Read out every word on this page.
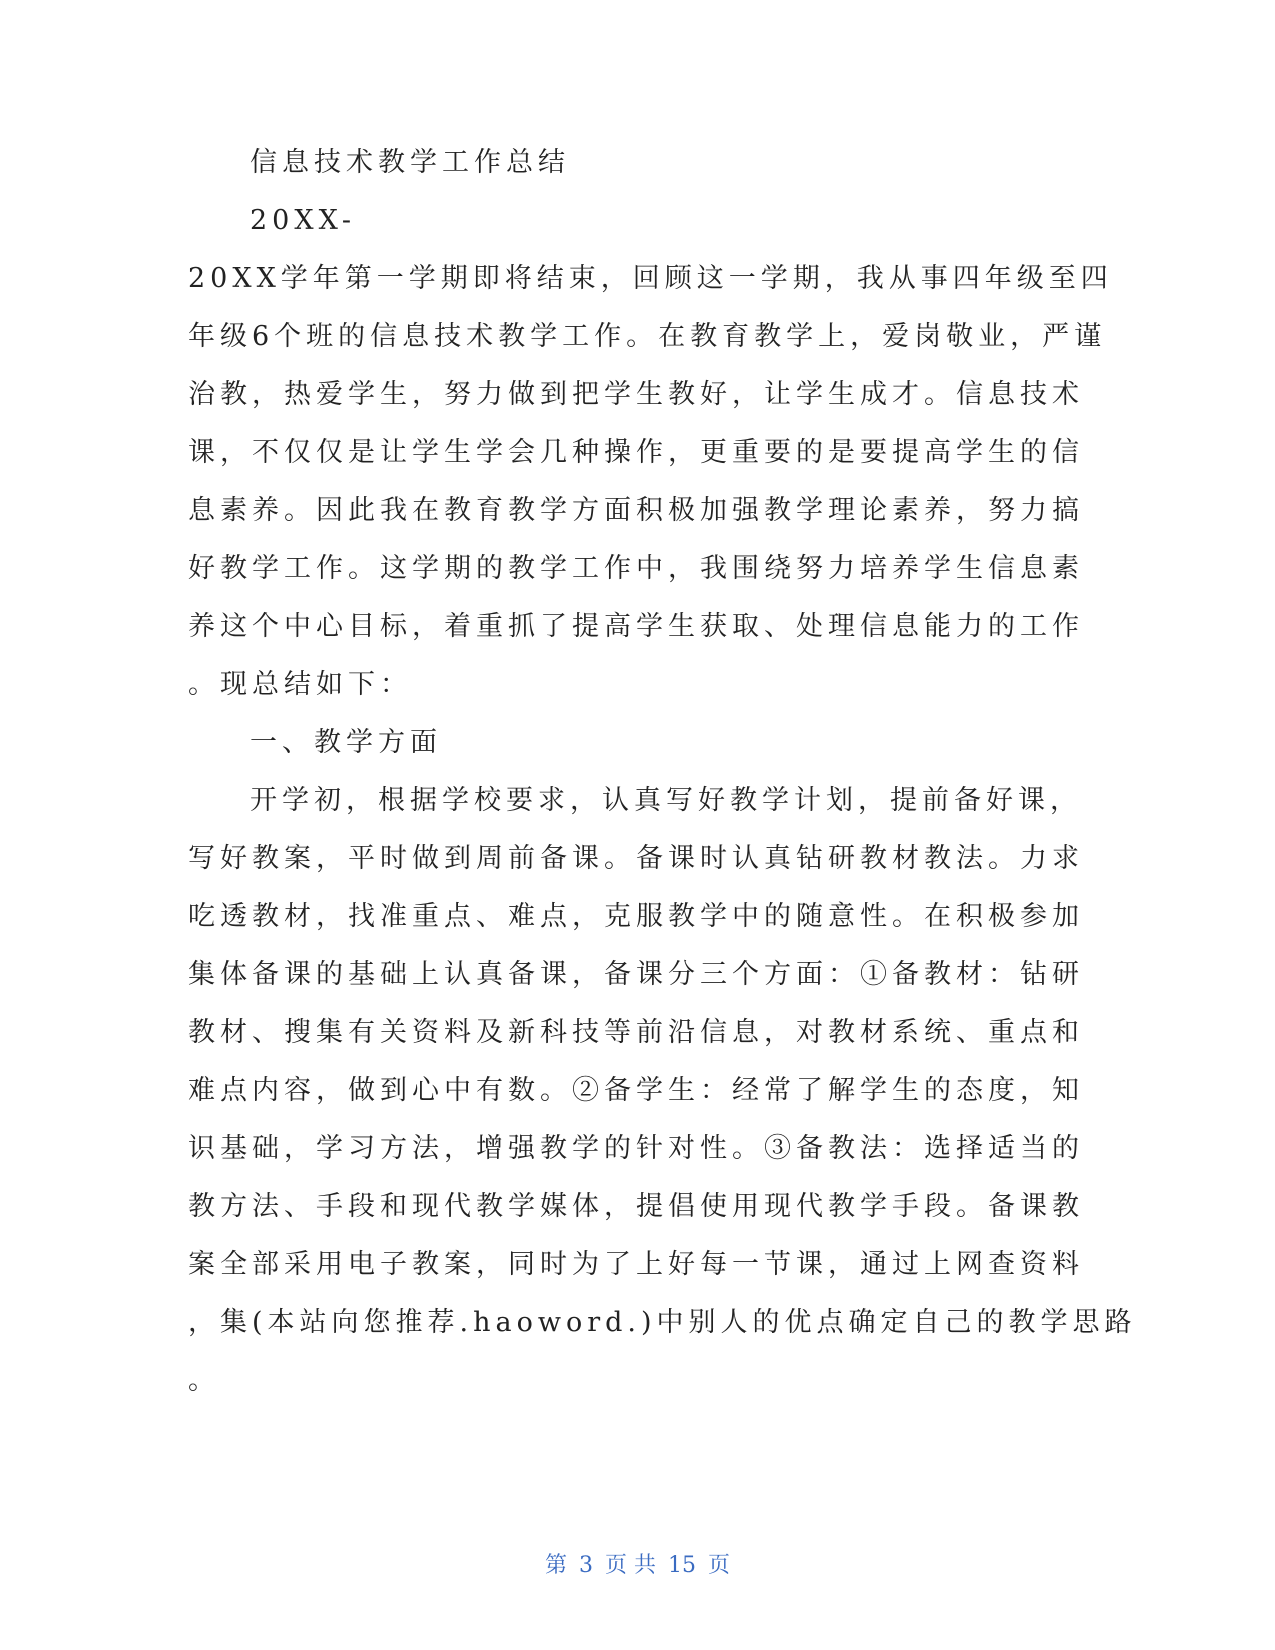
信息技术教学工作总结
20XX-
20XX学年第一学期即将结束，回顾这一学期，我从事四年级至四
年级6个班的信息技术教学工作。在教育教学上，爱岗敬业，严谨
治教，热爱学生，努力做到把学生教好，让学生成才。信息技术
课，不仅仅是让学生学会几种操作，更重要的是要提高学生的信
息素养。因此我在教育教学方面积极加强教学理论素养，努力搞
好教学工作。这学期的教学工作中，我围绕努力培养学生信息素
养这个中心目标，着重抓了提高学生获取、处理信息能力的工作
。现总结如下：
一、教学方面
开学初，根据学校要求，认真写好教学计划，提前备好课，
写好教案，平时做到周前备课。备课时认真钻研教材教法。力求
吃透教材，找准重点、难点，克服教学中的随意性。在积极参加
集体备课的基础上认真备课，备课分三个方面：①备教材：钻研
教材、搜集有关资料及新科技等前沿信息，对教材系统、重点和
难点内容，做到心中有数。②备学生：经常了解学生的态度，知
识基础，学习方法，增强教学的针对性。③备教法：选择适当的
教方法、手段和现代教学媒体，提倡使用现代教学手段。备课教
案全部采用电子教案，同时为了上好每一节课，通过上网查资料
，集(本站向您推荐.haoword.)中别人的优点确定自己的教学思路
。
第 3 页 共 15 页
